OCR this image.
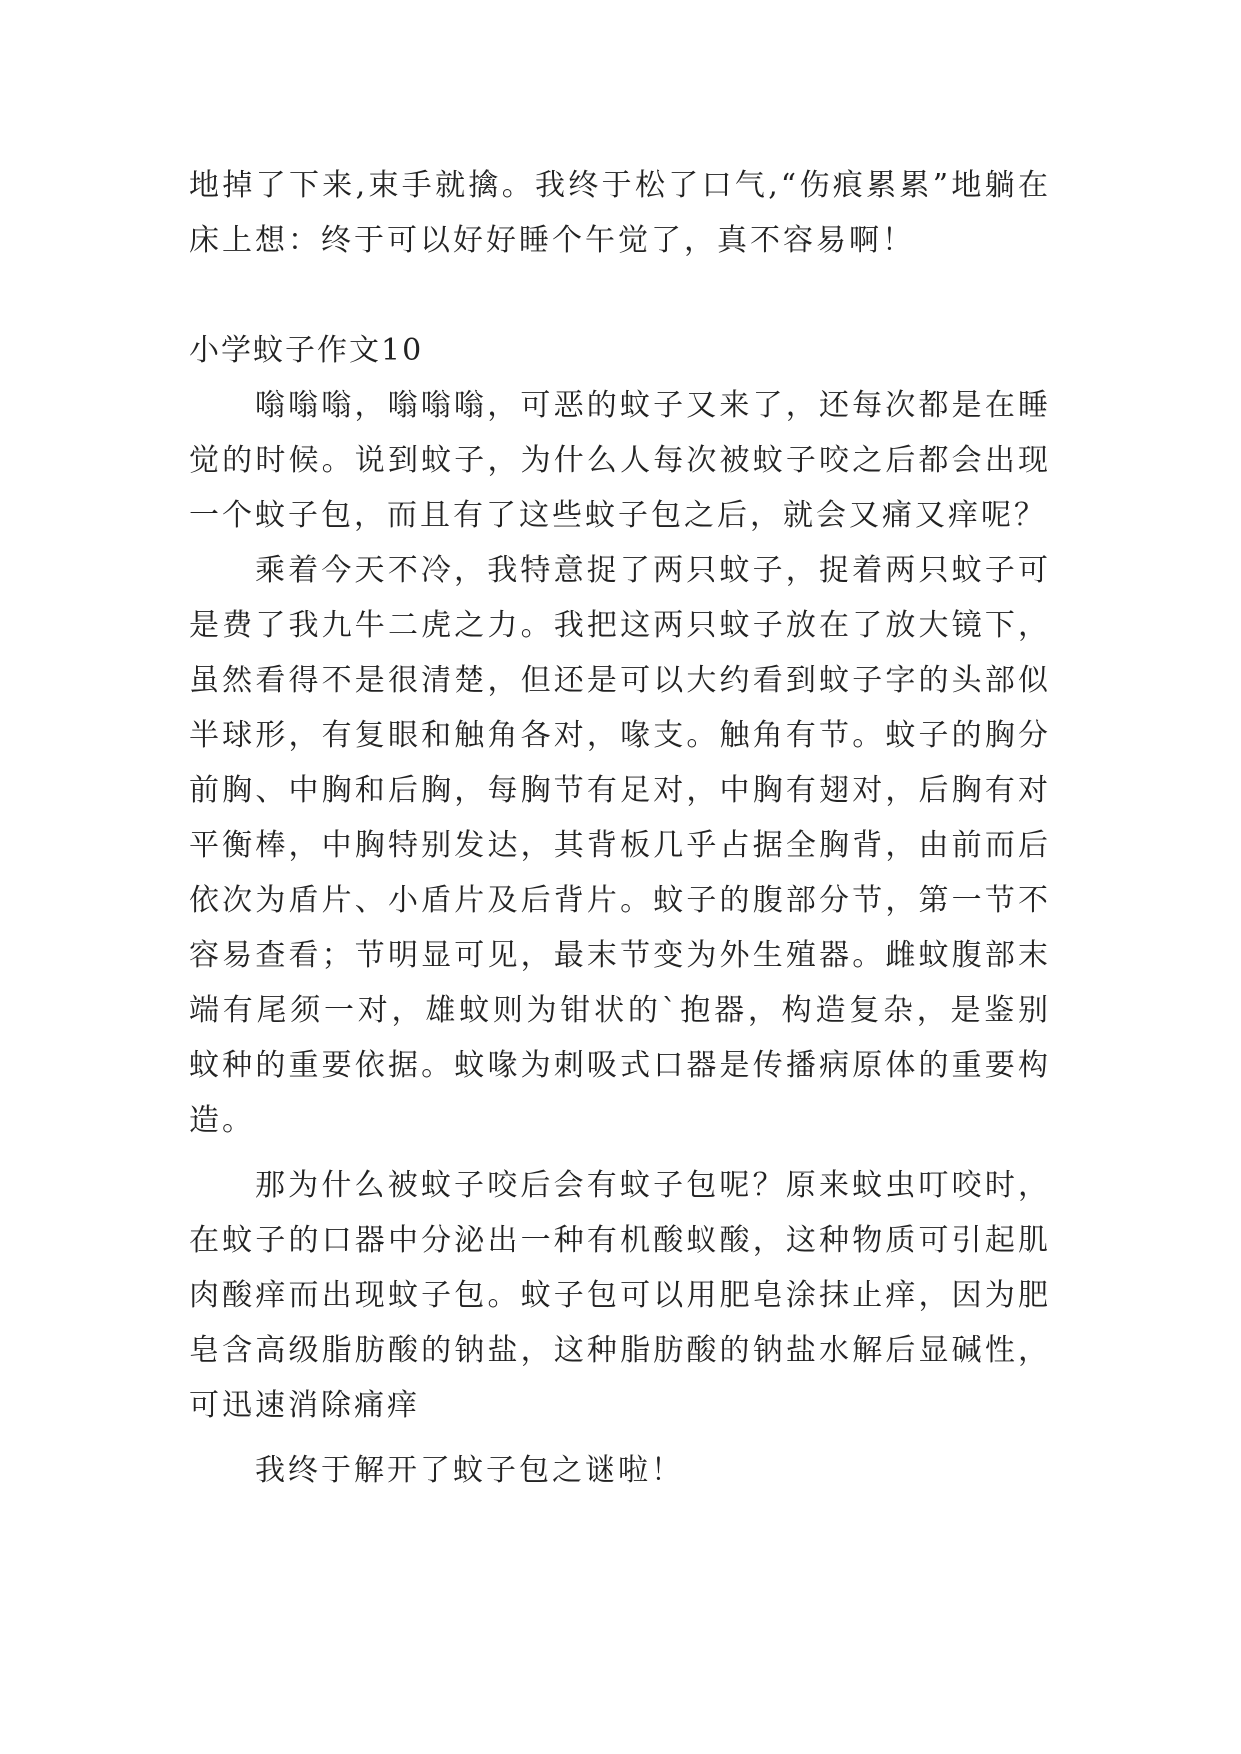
地掉了下来,束手就擒。我终于松了口气,“伤痕累累”地躺在床上想：终于可以好好睡个午觉了，真不容易啊！

小学蚊子作文10

嗡嗡嗡，嗡嗡嗡，可恶的蚊子又来了，还每次都是在睡觉的时候。说到蚊子，为什么人每次被蚊子咬之后都会出现一个蚊子包，而且有了这些蚊子包之后，就会又痛又痒呢？

乘着今天不冷，我特意捉了两只蚊子，捉着两只蚊子可是费了我九牛二虎之力。我把这两只蚊子放在了放大镜下，虽然看得不是很清楚，但还是可以大约看到蚊子字的头部似半球形，有复眼和触角各对，喙支。触角有节。蚊子的胸分前胸、中胸和后胸，每胸节有足对，中胸有翅对，后胸有对平衡棒，中胸特别发达，其背板几乎占据全胸背，由前而后依次为盾片、小盾片及后背片。蚊子的腹部分节，第一节不容易查看；节明显可见，最末节变为外生殖器。雌蚊腹部末端有尾须一对，雄蚊则为钳状的`抱器，构造复杂，是鉴别蚊种的重要依据。蚊喙为刺吸式口器是传播病原体的重要构造。

那为什么被蚊子咬后会有蚊子包呢？原来蚊虫叮咬时，在蚊子的口器中分泌出一种有机酸蚁酸，这种物质可引起肌肉酸痒而出现蚊子包。蚊子包可以用肥皂涂抹止痒，因为肥皂含高级脂肪酸的钠盐，这种脂肪酸的钠盐水解后显碱性，可迅速消除痛痒

我终于解开了蚊子包之谜啦！
